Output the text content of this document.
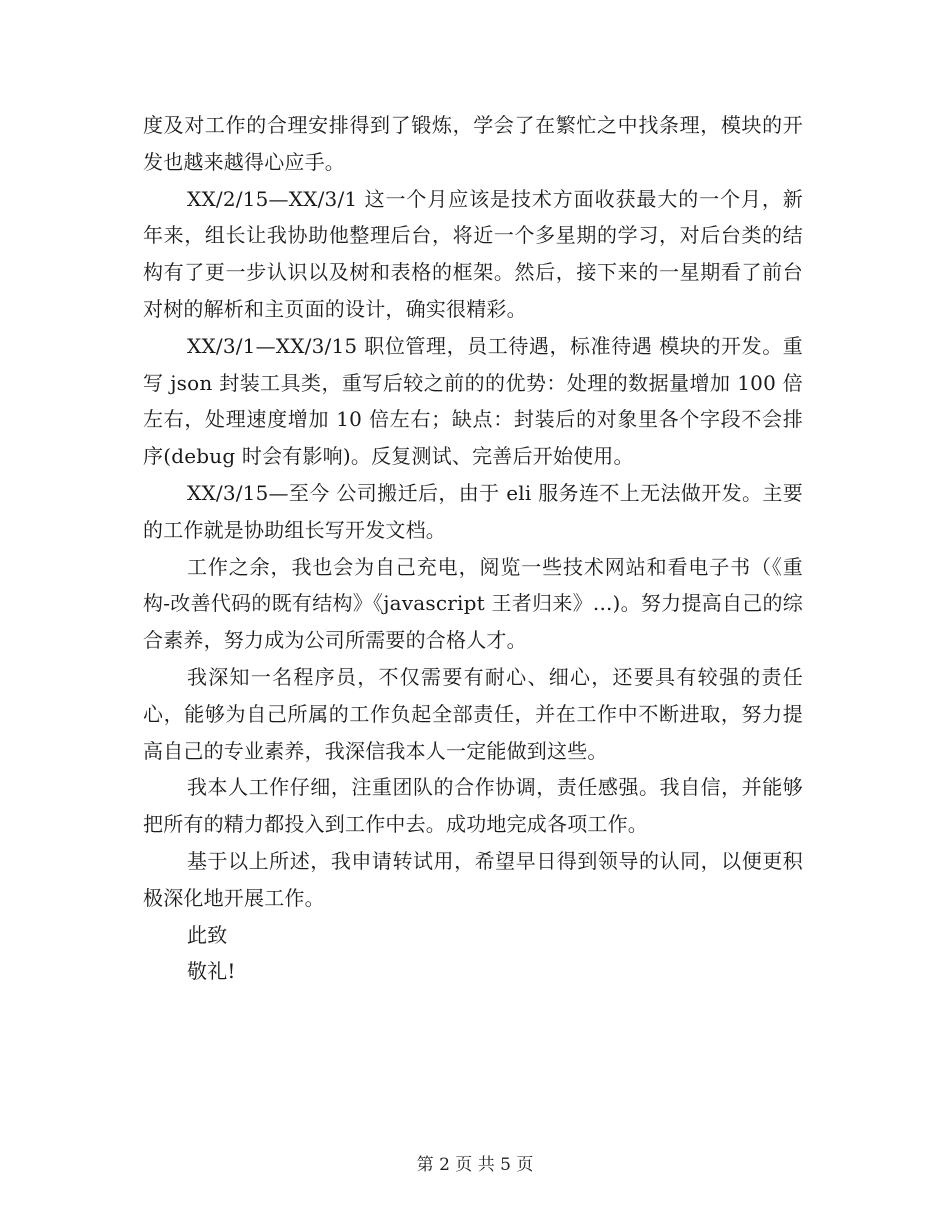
度及对工作的合理安排得到了锻炼，学会了在繁忙之中找条理，模块的开发也越来越得心应手。

XX/2/15—XX/3/1 这一个月应该是技术方面收获最大的一个月，新年来，组长让我协助他整理后台，将近一个多星期的学习，对后台类的结构有了更一步认识以及树和表格的框架。然后，接下来的一星期看了前台对树的解析和主页面的设计，确实很精彩。

XX/3/1—XX/3/15 职位管理，员工待遇，标准待遇 模块的开发。重写 json 封装工具类，重写后较之前的的优势：处理的数据量增加 100 倍左右，处理速度增加 10 倍左右；缺点：封装后的对象里各个字段不会排序(debug 时会有影响)。反复测试、完善后开始使用。

XX/3/15—至今 公司搬迁后，由于 eli 服务连不上无法做开发。主要的工作就是协助组长写开发文档。

工作之余，我也会为自己充电，阅览一些技术网站和看电子书（《重构-改善代码的既有结构》《javascript 王者归来》...)。努力提高自己的综合素养，努力成为公司所需要的合格人才。

我深知一名程序员，不仅需要有耐心、细心，还要具有较强的责任心，能够为自己所属的工作负起全部责任，并在工作中不断进取，努力提高自己的专业素养，我深信我本人一定能做到这些。

我本人工作仔细，注重团队的合作协调，责任感强。我自信，并能够把所有的精力都投入到工作中去。成功地完成各项工作。

基于以上所述，我申请转试用，希望早日得到领导的认同，以便更积极深化地开展工作。

此致

敬礼!

第 2 页 共 5 页
